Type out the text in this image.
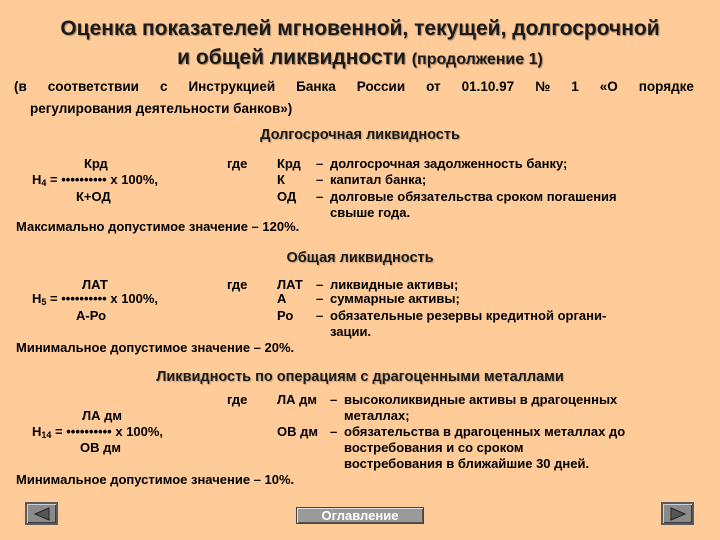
Оценка показателей мгновенной, текущей, долгосрочной
и общей ликвидности (продолжение 1)
(в соответствии с Инструкцией Банка России от 01.10.97 № 1 «О порядке
регулирования деятельности банков»)
Долгосрочная ликвидность
Крд
$Н_4$ = •••••••••• x 100%,
К+ОД
где Крд – долгосрочная задолженность банку;
К – капитал банка;
ОД – долговые обязательства сроком погашения
свыше года.
Максимально допустимое значение – 120%.
Общая ликвидность
ЛАТ
$Н_5$ = •••••••••• x 100%,
А-Ро
где ЛАТ – ликвидные активы;
А – суммарные активы;
Ро – обязательные резервы кредитной органи-
зации.
Минимальное допустимое значение – 20%.
Ликвидность по операциям с драгоценными металлами
где ЛА дм – высоколиквидные активы в драгоценных
металлах;
ЛА дм
$Н_{14}$ = •••••••••• x 100%,
ОВ дм
ОВ дм – обязательства в драгоценных металлах до
востребования и со сроком
востребования в ближайшие 30 дней.
Минимальное допустимое значение – 10%.
Оглавление
